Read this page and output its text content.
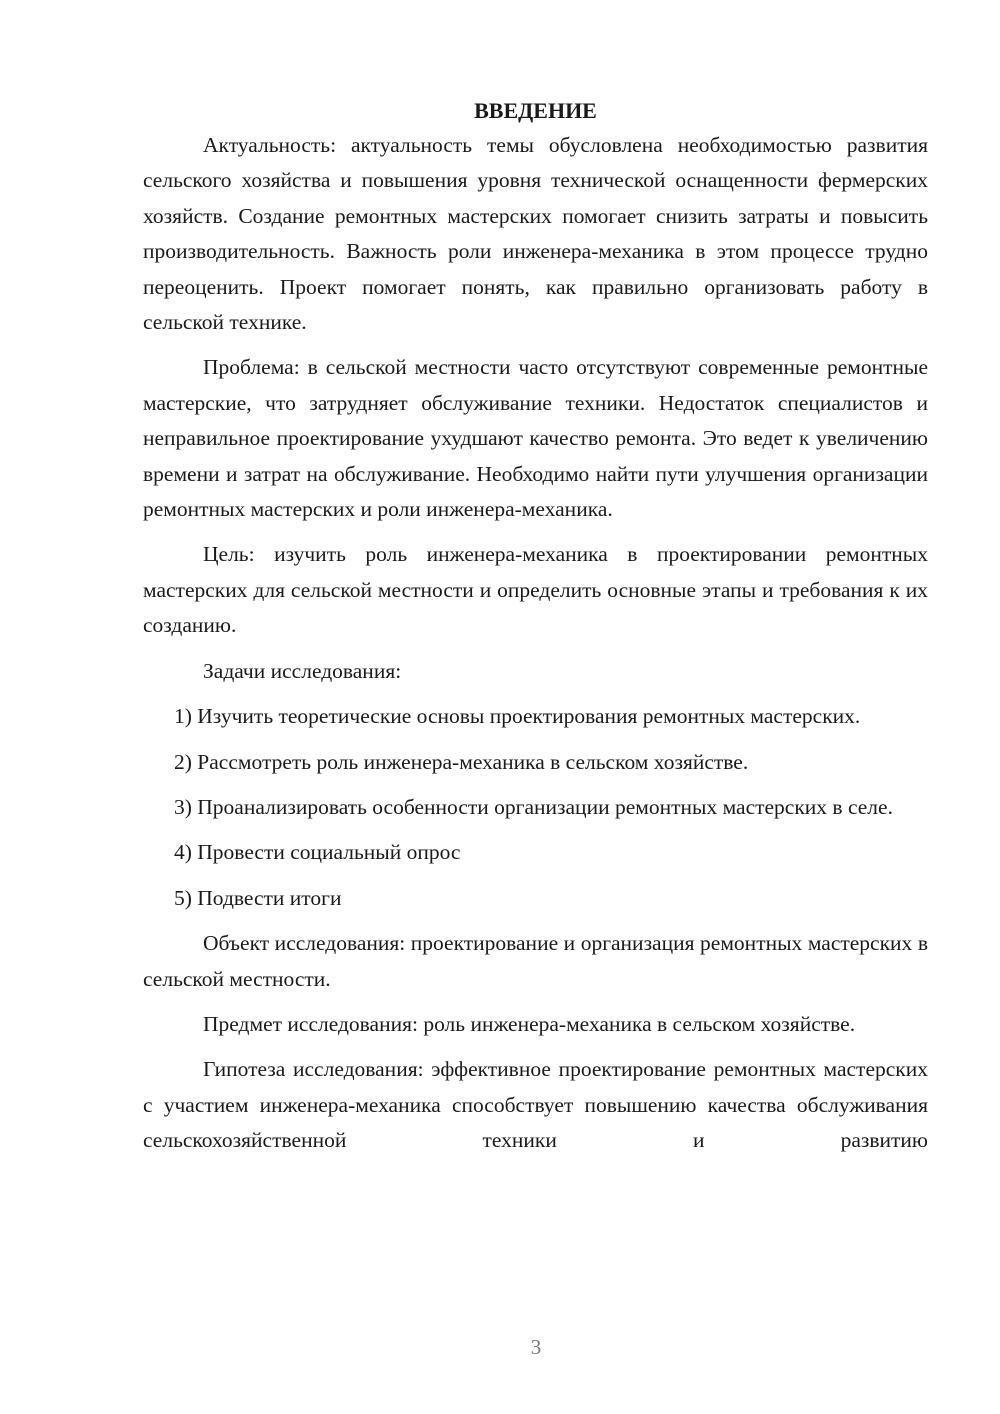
ВВЕДЕНИЕ

Актуальность: актуальность темы обусловлена необходимостью развития сельского хозяйства и повышения уровня технической оснащенности фермерских хозяйств. Создание ремонтных мастерских помогает снизить затраты и повысить производительность. Важность роли инженера-механика в этом процессе трудно переоценить. Проект помогает понять, как правильно организовать работу в сельской технике.

Проблема: в сельской местности часто отсутствуют современные ремонтные мастерские, что затрудняет обслуживание техники. Недостаток специалистов и неправильное проектирование ухудшают качество ремонта. Это ведет к увеличению времени и затрат на обслуживание. Необходимо найти пути улучшения организации ремонтных мастерских и роли инженера-механика.

Цель: изучить роль инженера-механика в проектировании ремонтных мастерских для сельской местности и определить основные этапы и требования к их созданию.

Задачи исследования:

1) Изучить теоретические основы проектирования ремонтных мастерских.

2) Рассмотреть роль инженера-механика в сельском хозяйстве.

3) Проанализировать особенности организации ремонтных мастерских в селе.

4) Провести социальный опрос

5) Подвести итоги

Объект исследования: проектирование и организация ремонтных мастерских в сельской местности.

Предмет исследования: роль инженера-механика в сельском хозяйстве.

Гипотеза исследования: эффективное проектирование ремонтных мастерских с участием инженера-механика способствует повышению качества обслуживания сельскохозяйственной техники и развитию

3
